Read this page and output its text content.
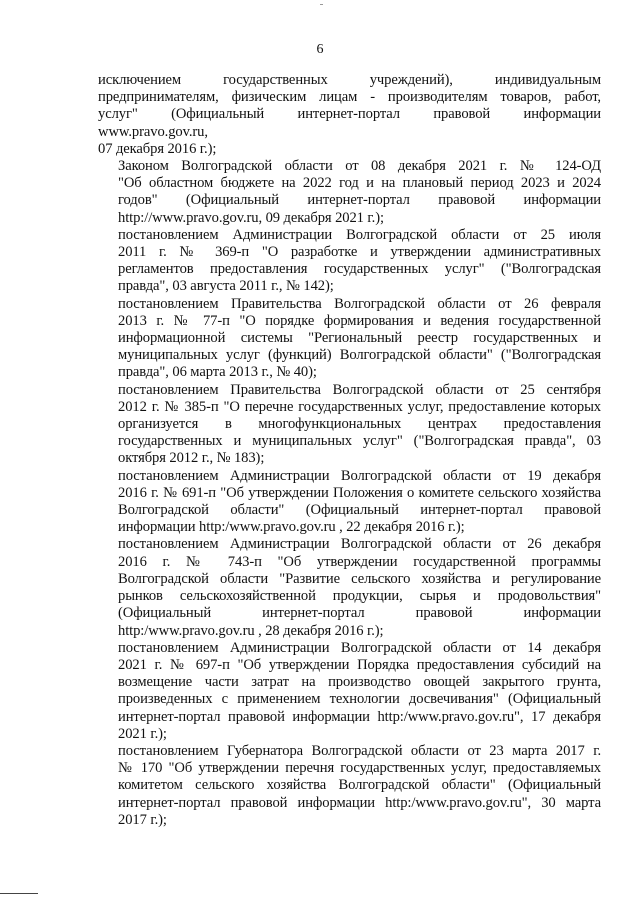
6
исключением государственных учреждений), индивидуальным
предпринимателям, физическим лицам - производителям товаров, работ,
услуг" (Официальный интернет-портал правовой информации
www.pravo.gov.ru,
07 декабря 2016 г.);
Законом Волгоградской области от 08 декабря 2021 г. № 124-ОД
"Об областном бюджете на 2022 год и на плановый период 2023 и 2024
годов" (Официальный интернет-портал правовой информации
http://www.pravo.gov.ru, 09 декабря 2021 г.);
постановлением Администрации Волгоградской области от 25 июля
2011 г. № 369-п "О разработке и утверждении административных
регламентов предоставления государственных услуг" ("Волгоградская
правда", 03 августа 2011 г., № 142);
постановлением Правительства Волгоградской области от 26 февраля
2013 г. № 77-п "О порядке формирования и ведения государственной
информационной системы "Региональный реестр государственных и
муниципальных услуг (функций) Волгоградской области" ("Волгоградская
правда", 06 марта 2013 г., № 40);
постановлением Правительства Волгоградской области от 25 сентября
2012 г. № 385-п "О перечне государственных услуг, предоставление которых
организуется в многофункциональных центрах предоставления
государственных и муниципальных услуг" ("Волгоградская правда", 03
октября 2012 г., № 183);
постановлением Администрации Волгоградской области от 19 декабря
2016 г. № 691-п "Об утверждении Положения о комитете сельского хозяйства
Волгоградской области" (Официальный интернет-портал правовой
информации http:/www.pravo.gov.ru , 22 декабря 2016 г.);
постановлением Администрации Волгоградской области от 26 декабря
2016 г. № 743-п "Об утверждении государственной программы
Волгоградской области "Развитие сельского хозяйства и регулирование
рынков сельскохозяйственной продукции, сырья и продовольствия"
(Официальный интернет-портал правовой информации
http:/www.pravo.gov.ru , 28 декабря 2016 г.);
постановлением Администрации Волгоградской области от 14 декабря
2021 г. № 697-п "Об утверждении Порядка предоставления субсидий на
возмещение части затрат на производство овощей закрытого грунта,
произведенных с применением технологии досвечивания" (Официальный
интернет-портал правовой информации http:/www.pravo.gov.ru", 17 декабря
2021 г.);
постановлением Губернатора Волгоградской области от 23 марта 2017 г.
№ 170 "Об утверждении перечня государственных услуг, предоставляемых
комитетом сельского хозяйства Волгоградской области" (Официальный
интернет-портал правовой информации http:/www.pravo.gov.ru", 30 марта
2017 г.);
